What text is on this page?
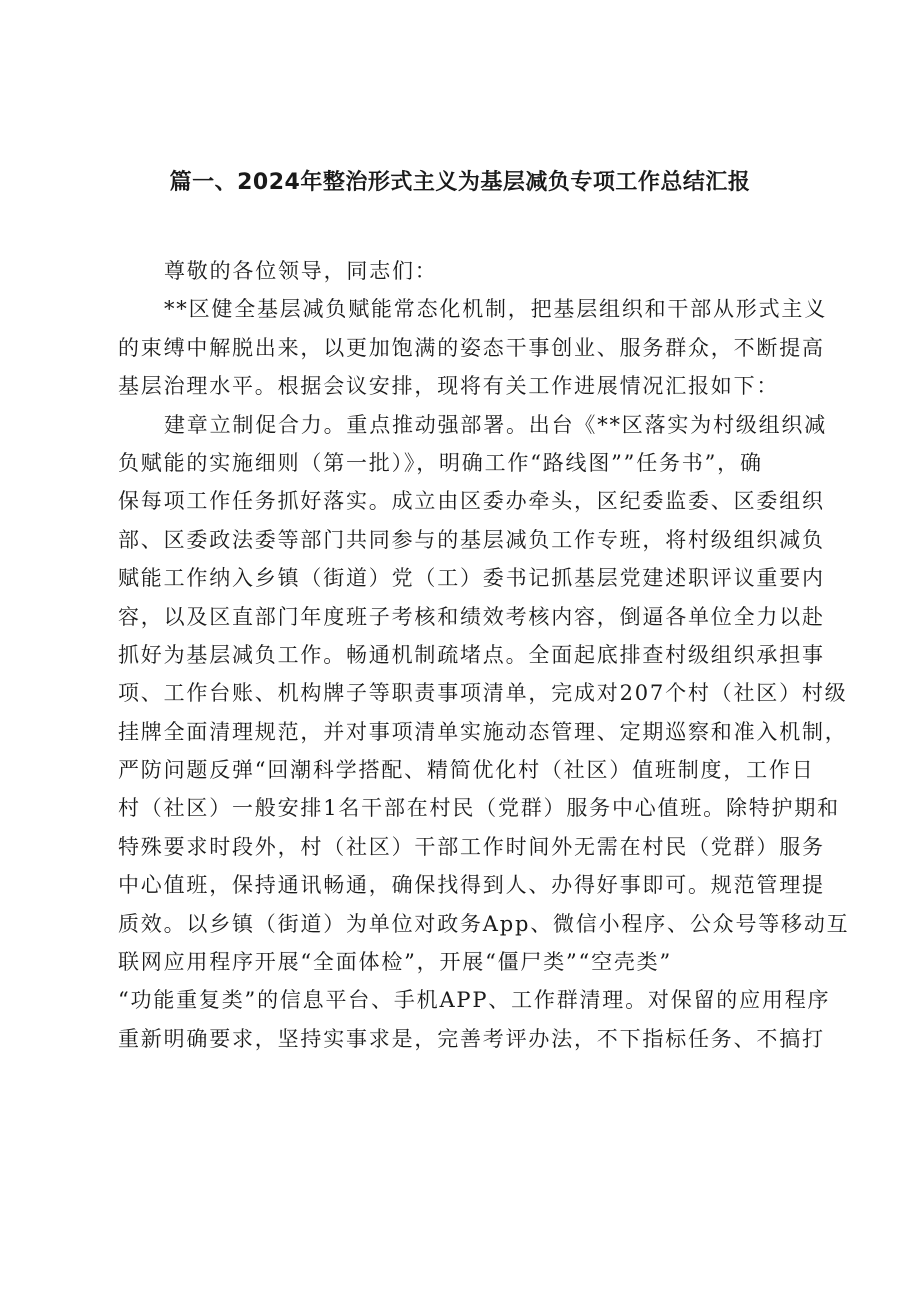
篇一、2024年整治形式主义为基层减负专项工作总结汇报
尊敬的各位领导，同志们：
**区健全基层减负赋能常态化机制，把基层组织和干部从形式主义
的束缚中解脱出来，以更加饱满的姿态干事创业、服务群众，不断提高
基层治理水平。根据会议安排，现将有关工作进展情况汇报如下：
建章立制促合力。重点推动强部署。出台《**区落实为村级组织减
负赋能的实施细则（第一批）》，明确工作“路线图””任务书”，确
保每项工作任务抓好落实。成立由区委办牵头，区纪委监委、区委组织
部、区委政法委等部门共同参与的基层减负工作专班，将村级组织减负
赋能工作纳入乡镇（街道）党（工）委书记抓基层党建述职评议重要内
容，以及区直部门年度班子考核和绩效考核内容，倒逼各单位全力以赴
抓好为基层减负工作。畅通机制疏堵点。全面起底排查村级组织承担事
项、工作台账、机构牌子等职责事项清单，完成对207个村（社区）村级
挂牌全面清理规范，并对事项清单实施动态管理、定期巡察和准入机制，
严防问题反弹“回潮科学搭配、精简优化村（社区）值班制度，工作日
村（社区）一般安排1名干部在村民（党群）服务中心值班。除特护期和
特殊要求时段外，村（社区）干部工作时间外无需在村民（党群）服务
中心值班，保持通讯畅通，确保找得到人、办得好事即可。规范管理提
质效。以乡镇（街道）为单位对政务App、微信小程序、公众号等移动互
联网应用程序开展“全面体检”，开展“僵尸类”“空壳类”
“功能重复类”的信息平台、手机APP、工作群清理。对保留的应用程序
重新明确要求，坚持实事求是，完善考评办法，不下指标任务、不搞打
